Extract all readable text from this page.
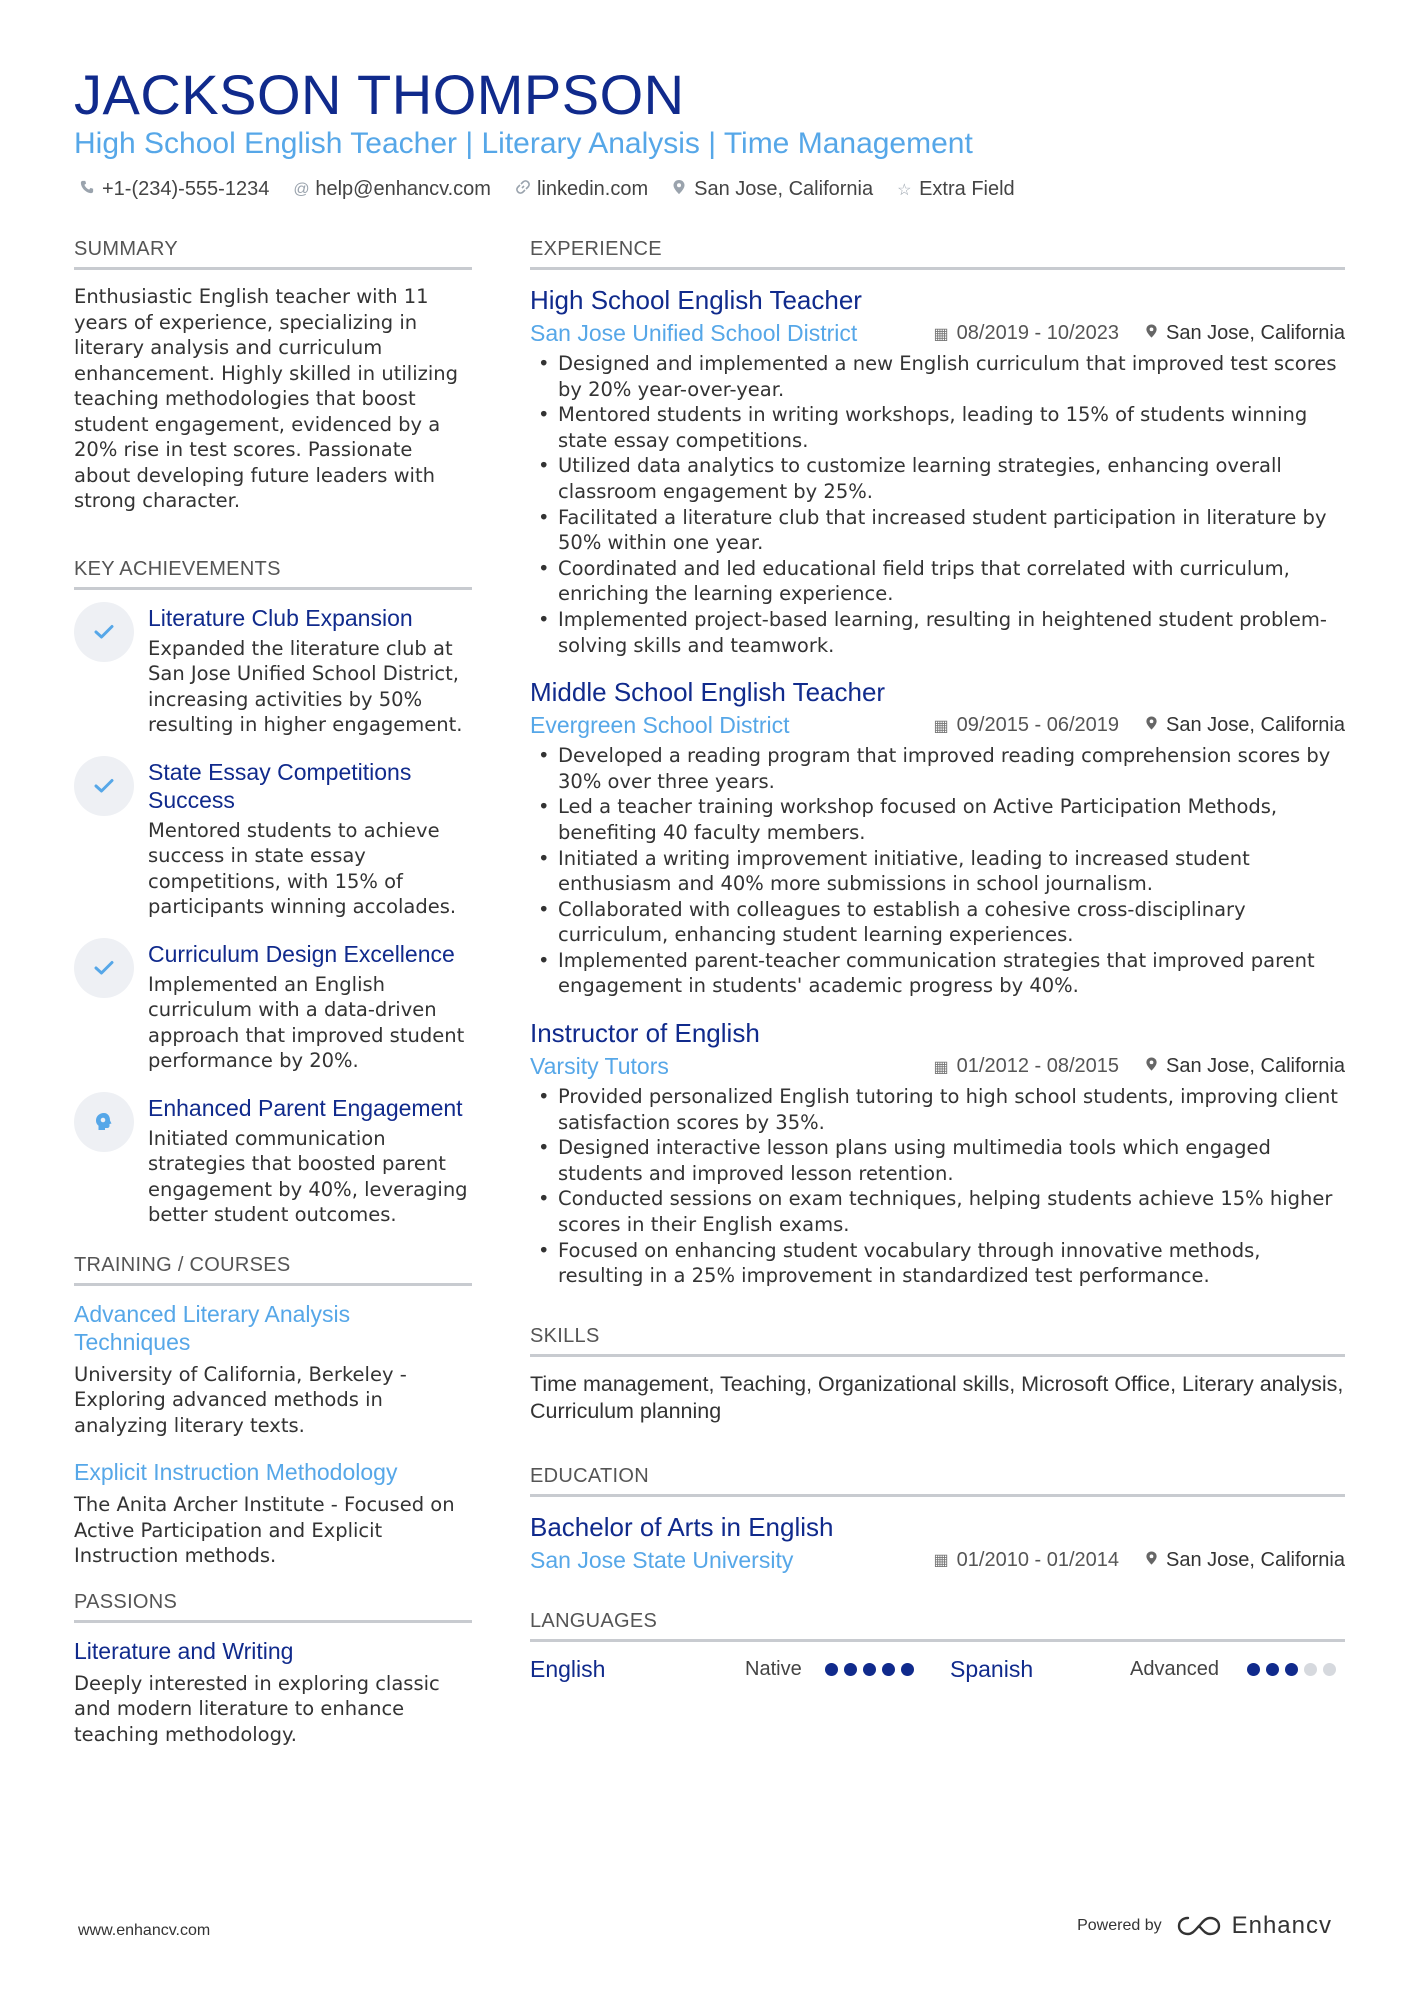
JACKSON THOMPSON
High School English Teacher | Literary Analysis | Time Management
+1-(234)-555-1234 @ help@enhancv.com linkedin.com San Jose, California ☆ Extra Field
SUMMARY
Enthusiastic English teacher with 11 years of experience, specializing in literary analysis and curriculum enhancement. Highly skilled in utilizing teaching methodologies that boost student engagement, evidenced by a 20% rise in test scores. Passionate about developing future leaders with strong character.
KEY ACHIEVEMENTS
Literature Club Expansion
Expanded the literature club at San Jose Unified School District, increasing activities by 50% resulting in higher engagement.
State Essay Competitions Success
Mentored students to achieve success in state essay competitions, with 15% of participants winning accolades.
Curriculum Design Excellence
Implemented an English curriculum with a data-driven approach that improved student performance by 20%.
Enhanced Parent Engagement
Initiated communication strategies that boosted parent engagement by 40%, leveraging better student outcomes.
TRAINING / COURSES
Advanced Literary Analysis Techniques
University of California, Berkeley - Exploring advanced methods in analyzing literary texts.
Explicit Instruction Methodology
The Anita Archer Institute - Focused on Active Participation and Explicit Instruction methods.
PASSIONS
Literature and Writing
Deeply interested in exploring classic and modern literature to enhance teaching methodology.
EXPERIENCE
High School English Teacher
San Jose Unified School District	▦ 08/2019 - 10/2023 San Jose, California
• Designed and implemented a new English curriculum that improved test scores by 20% year-over-year.
• Mentored students in writing workshops, leading to 15% of students winning state essay competitions.
• Utilized data analytics to customize learning strategies, enhancing overall classroom engagement by 25%.
• Facilitated a literature club that increased student participation in literature by 50% within one year.
• Coordinated and led educational field trips that correlated with curriculum, enriching the learning experience.
• Implemented project-based learning, resulting in heightened student problem-solving skills and teamwork.
Middle School English Teacher
Evergreen School District	▦ 09/2015 - 06/2019 San Jose, California
• Developed a reading program that improved reading comprehension scores by 30% over three years.
• Led a teacher training workshop focused on Active Participation Methods, benefiting 40 faculty members.
• Initiated a writing improvement initiative, leading to increased student enthusiasm and 40% more submissions in school journalism.
• Collaborated with colleagues to establish a cohesive cross-disciplinary curriculum, enhancing student learning experiences.
• Implemented parent-teacher communication strategies that improved parent engagement in students' academic progress by 40%.
Instructor of English
Varsity Tutors	▦ 01/2012 - 08/2015 San Jose, California
• Provided personalized English tutoring to high school students, improving client satisfaction scores by 35%.
• Designed interactive lesson plans using multimedia tools which engaged students and improved lesson retention.
• Conducted sessions on exam techniques, helping students achieve 15% higher scores in their English exams.
• Focused on enhancing student vocabulary through innovative methods, resulting in a 25% improvement in standardized test performance.
SKILLS
Time management, Teaching, Organizational skills, Microsoft Office, Literary analysis, Curriculum planning
EDUCATION
Bachelor of Arts in English
San Jose State University	▦ 01/2010 - 01/2014 San Jose, California
LANGUAGES
English	Native	Spanish	Advanced
www.enhancv.com	Powered by	Enhancv
